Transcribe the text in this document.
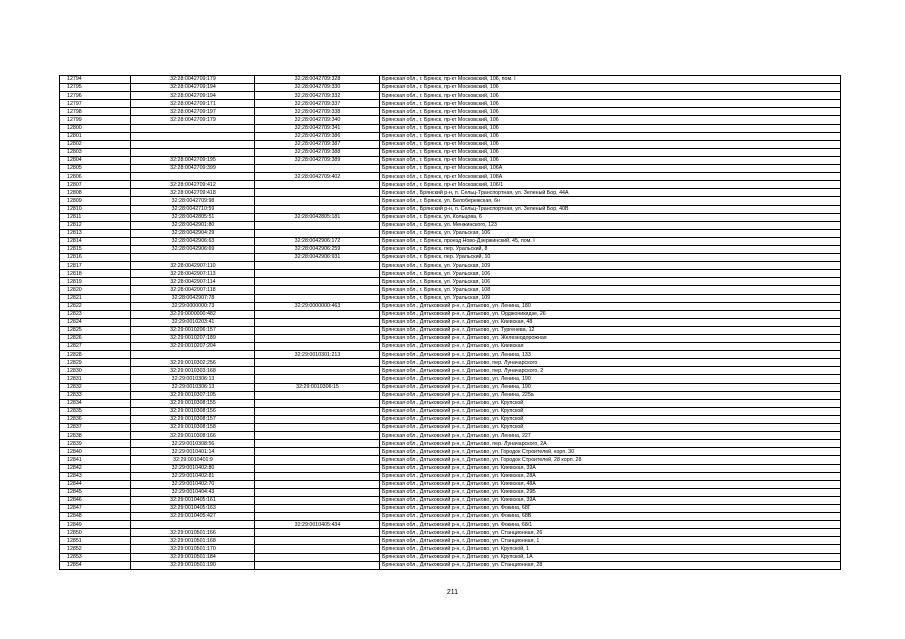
12794	32:28:0042709:179	32:28:0042709:328	Брянская обл., г. Брянск, пр-кт Московский, 106, пом. I
12795	32:28:0042709:194	32:28:0042709:330	Брянская обл., г. Брянск, пр-кт Московский, 106
12796	32:28:0042709:194	32:28:0042709:332	Брянская обл., г. Брянск, пр-кт Московский, 106
12797	32:28:0042709:171	32:28:0042709:337	Брянская обл., г. Брянск, пр-кт Московский, 106
12798	32:28:0042709:197	32:28:0042709:338	Брянская обл., г. Брянск, пр-кт Московский, 106
12799	32:28:0042709:179	32:28:0042709:340	Брянская обл., г. Брянск, пр-кт Московский, 106
12800		32:28:0042709:341	Брянская обл., г. Брянск, пр-кт Московский, 106
12801		32:28:0042709:386	Брянская обл., г. Брянск, пр-кт Московский, 106
12802		32:28:0042709:387	Брянская обл., г. Брянск, пр-кт Московский, 106
12803		32:28:0042709:388	Брянская обл., г. Брянск, пр-кт Московский, 106
12804	32:28:0042709:195	32:28:0042709:389	Брянская обл., г. Брянск, пр-кт Московский, 106
12805	32:28:0042709:399		Брянская обл., г. Брянск, пр-кт Московский, 106А
12806		32:28:0042709:402	Брянская обл., г. Брянск, пр-кт Московский, 108А
12807	32:28:0042709:412		Брянская обл., г. Брянск, пр-кт Московский, 106/1
12808	32:28:0042709:418		Брянская обл., Брянский р-н, п. Сельц-Транспортная, ул. Зеленый Бор, 44А
12809	32:28:0042709:98		Брянская обл., г. Брянск, ул. Белобережская, 6н
12810	32:28:0042710:59		Брянская обл., Брянский р-н, п. Сельц-Транспортная, ул. Зеленый Бор, 40В
12811	32:28:0042805:51	32:28:0042805:181	Брянская обл., г. Брянск, ул. Кольцова, 6
12812	32:28:0042901:80		Брянская обл., г. Брянск, ул. Менжинского, 123
12813	32:28:0042904:29		Брянская обл., г. Брянск, ул. Уральская, 106
12814	32:28:0042906:63	32:28:0042906:172	Брянская обл., г. Брянск, проезд Ново-Дзержинский, 45, пом. I
12815	32:28:0042906:69	32:28:0042906:259	Брянская обл., г. Брянск, пер. Уральский, 8
12816		32:28:0042906:931	Брянская обл., г. Брянск, пер. Уральский, 10
12817	32:28:0042907:110		Брянская обл., г. Брянск, ул. Уральская, 109
12818	32:28:0042907:113		Брянская обл., г. Брянск, ул. Уральская, 106
12819	32:28:0042907:114		Брянская обл., г. Брянск, ул. Уральская, 106
12820	32:28:0042907:118		Брянская обл., г. Брянск, ул. Уральская, 108
12821	32:28:0042907:78		Брянская обл., г. Брянск, ул. Уральская, 109
12822	32:29:0000000:73	32:29:0000000:463	Брянская обл., Дятьковский р-н, г. Дятьково, ул. Ленина, 180
12823	32:29:0000000:482		Брянская обл., Дятьковский р-н, г. Дятьково, ул. Орджоникидзе, 26
12824	32:29:0010203:41		Брянская обл., Дятьковский р-н, г. Дятьково, ул. Киевская, 48
12825	32:29:0010206:157		Брянская обл., Дятьковский р-н, г. Дятьково, ул. Тургенева, 12
12826	32:29:0010207:189		Брянская обл., Дятьковский р-н, г. Дятьково, ул. Железнодорожная
12827	32:29:0010207:204		Брянская обл., Дятьковский р-н, г. Дятьково, ул. Киевская
12828		32:29:0010301:213	Брянская обл., Дятьковский р-н, г. Дятьково, ул. Ленина, 133
12829	32:29:0010302:256		Брянская обл., Дятьковский р-н, г. Дятьково, пер. Луначарского
12830	32:29:0010303:168		Брянская обл., Дятьковский р-н, г. Дятьково, пер. Луначарского, 2
12831	32:29:0010306:13		Брянская обл., Дятьковский р-н, г. Дятьково, ул. Ленина, 190
12832	32:29:0010306:13	32:29:0010306:15	Брянская обл., Дятьковский р-н, г. Дятьково, ул. Ленина, 190
12833	32:29:0010307:105		Брянская обл., Дятьковский р-н, г. Дятьково, ул. Ленина, 225а
12834	32:29:0010308:155		Брянская обл., Дятьковский р-н, г. Дятьково, ул. Крупской
12835	32:29:0010308:156		Брянская обл., Дятьковский р-н, г. Дятьково, ул. Крупской
12836	32:29:0010308:157		Брянская обл., Дятьковский р-н, г. Дятьково, ул. Крупской
12837	32:29:0010308:158		Брянская обл., Дятьковский р-н, г. Дятьково, ул. Крупской
12838	32:29:0010308:166		Брянская обл., Дятьковский р-н, г. Дятьково, ул. Ленина, 227
12839	32:29:0010308:56		Брянская обл., Дятьковский р-н, г. Дятьково, пер. Луначарского, 2А
12840	32:29:0010401:14		Брянская обл., Дятьковский р-н, г. Дятьково, ул. Городок Строителей, корп. 30
12841	32:29:0010401:9		Брянская обл., Дятьковский р-н, г. Дятьково, ул. Городок Строителей, 28 корп. 28
12842	32:29:0010402:80		Брянская обл., Дятьковский р-н, г. Дятьково, ул. Киевская, 39А
12843	32:29:0010402:81		Брянская обл., Дятьковский р-н, г. Дятьково, ул. Киевская, 28А
12844	32:29:0010402:70		Брянская обл., Дятьковский р-н, г. Дятьково, ул. Киевская, 48А
12845	32:29:0010404:43		Брянская обл., Дятьковский р-н, г. Дятьково, ул. Киевская, 29Б
12846	32:29:0010405:161		Брянская обл., Дятьковский р-н, г. Дятьково, ул. Киевская, 39А
12847	32:29:0010405:163		Брянская обл., Дятьковский р-н, г. Дятьково, ул. Фокина, 68Г
12848	32:29:0010405:427		Брянская обл., Дятьковский р-н, г. Дятьково, ул. Фокина, 68В
12849		32:29:0010405:434	Брянская обл., Дятьковский р-н, г. Дятьково, ул. Фокина, 68/1
12850	32:29:0010501:166		Брянская обл., Дятьковский р-н, г. Дятьково, ул. Станционная, 26
12851	32:29:0010501:168		Брянская обл., Дятьковский р-н, г. Дятьково, ул. Станционная, 1
12852	32:29:0010501:170		Брянская обл., Дятьковский р-н, г. Дятьково, ул. Крупской, 1
12853	32:29:0010501:184		Брянская обл., Дятьковский р-н, г. Дятьково, ул. Крупской, 1А
12854	32:29:0010501:190		Брянская обл., Дятьковский р-н, г. Дятьково, ул. Станционная, 28
211
